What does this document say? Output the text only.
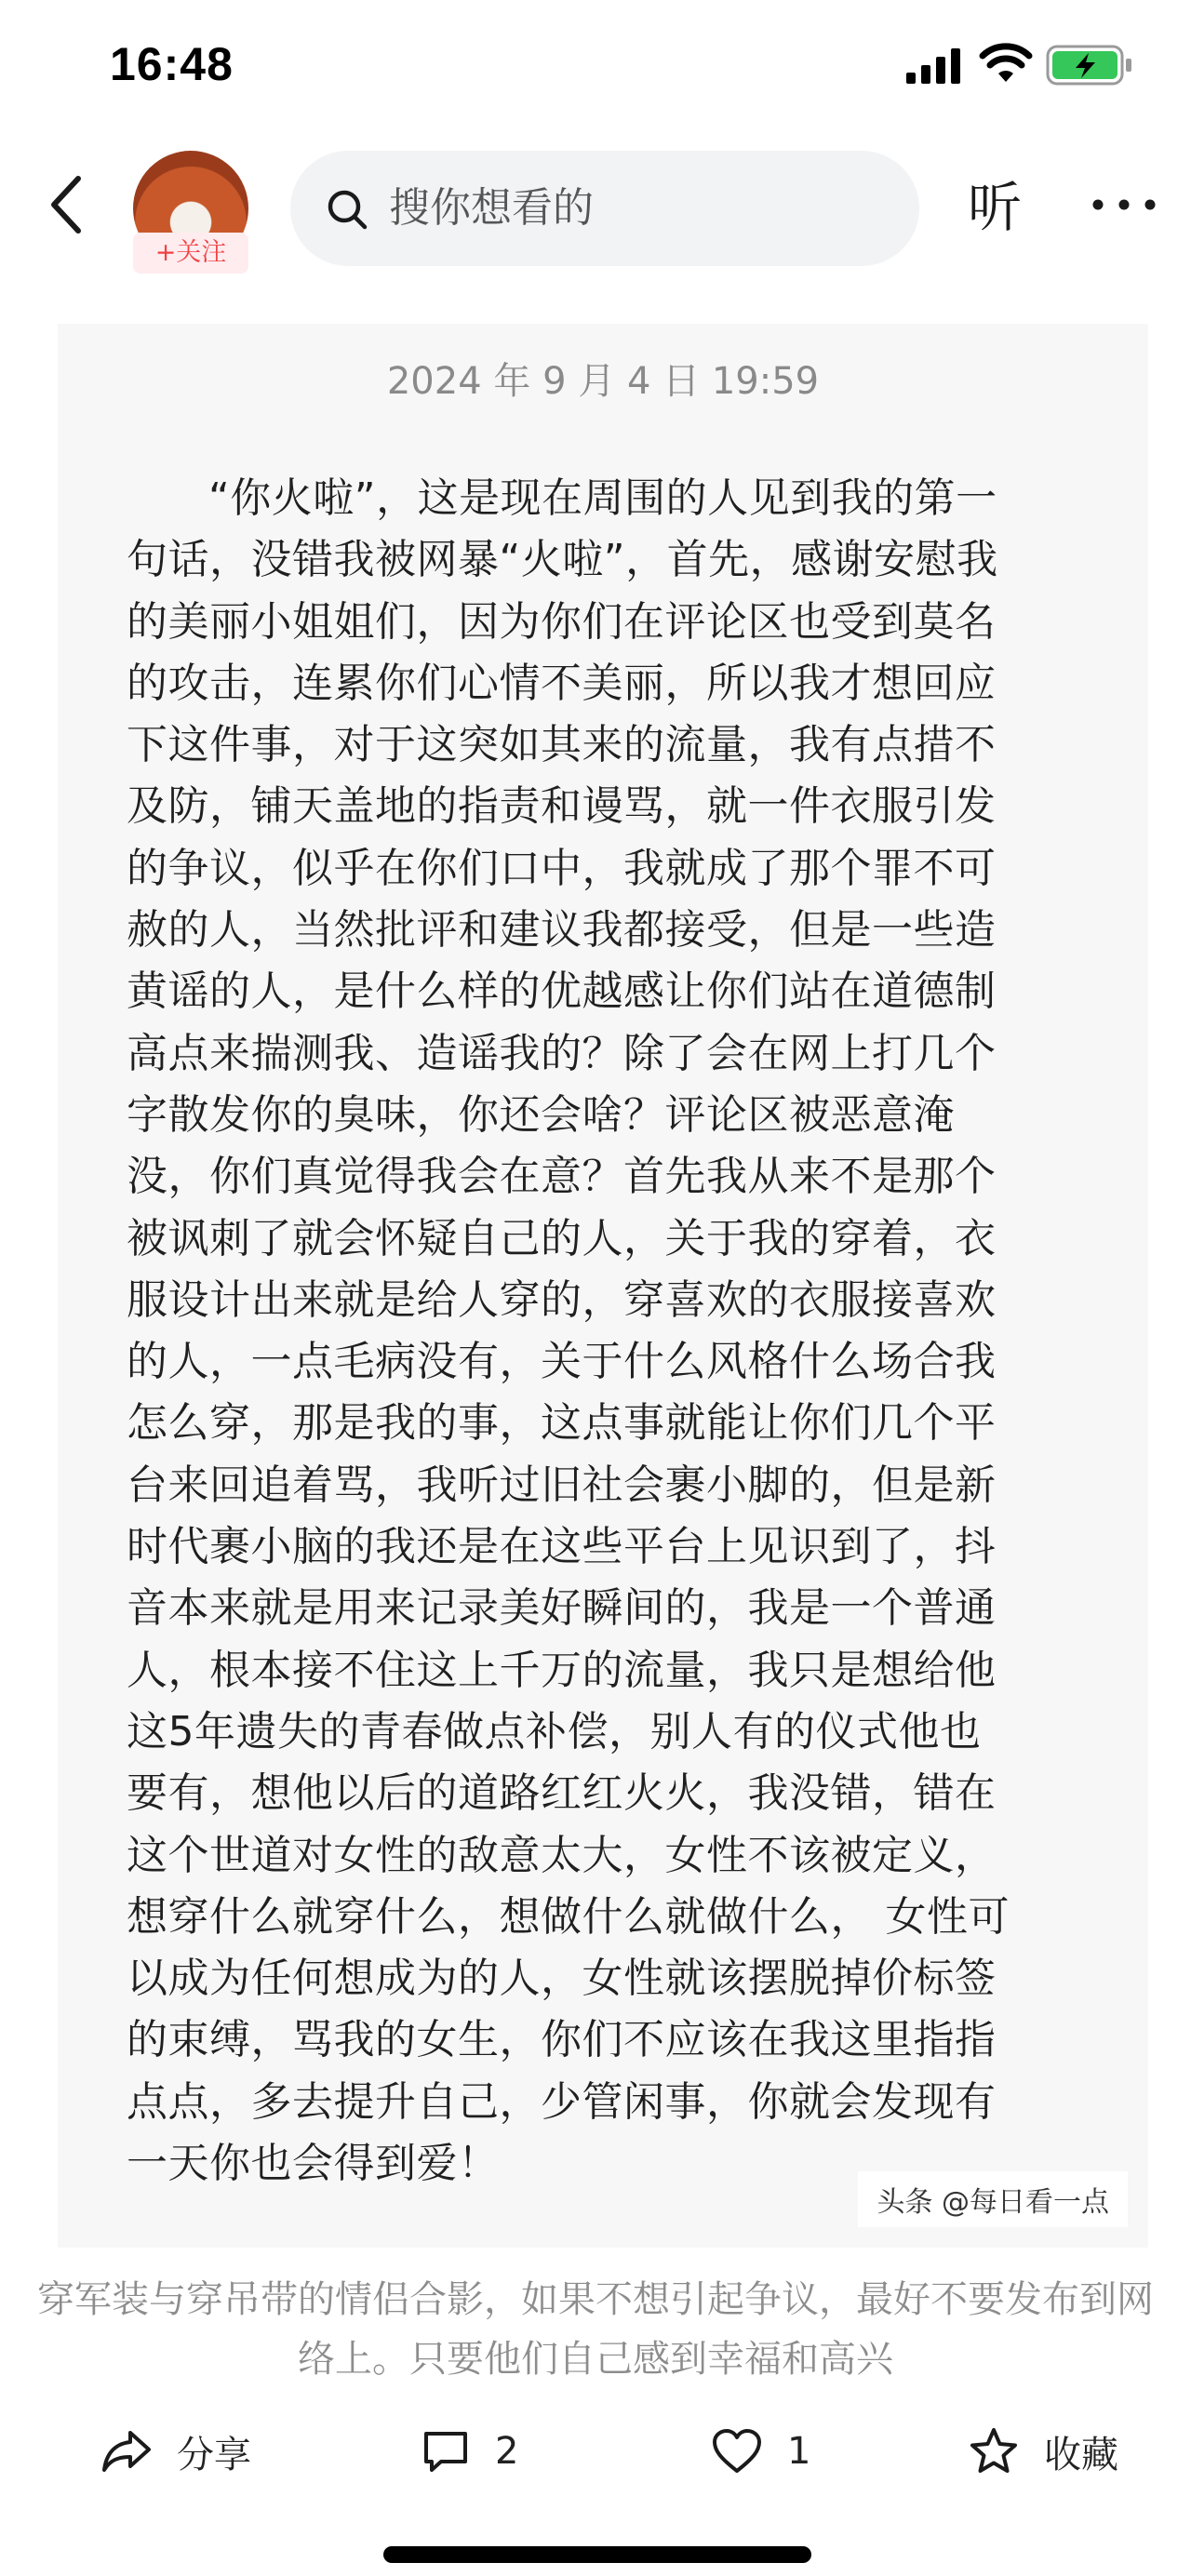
16:48
+关注
搜你想看的	听
2024 年 9 月 4 日 19:59

“你火啦”，这是现在周围的人见到我的第一
句话，没错我被网暴“火啦”，首先，感谢安慰我
的美丽小姐姐们，因为你们在评论区也受到莫名
的攻击，连累你们心情不美丽，所以我才想回应
下这件事，对于这突如其来的流量，我有点措不
及防，铺天盖地的指责和谩骂，就一件衣服引发
的争议，似乎在你们口中，我就成了那个罪不可
赦的人，当然批评和建议我都接受，但是一些造
黄谣的人，是什么样的优越感让你们站在道德制
高点来揣测我、造谣我的？除了会在网上打几个
字散发你的臭味，你还会啥？评论区被恶意淹
没，你们真觉得我会在意？首先我从来不是那个
被讽刺了就会怀疑自己的人，关于我的穿着，衣
服设计出来就是给人穿的，穿喜欢的衣服接喜欢
的人，一点毛病没有，关于什么风格什么场合我
怎么穿，那是我的事，这点事就能让你们几个平
台来回追着骂，我听过旧社会裹小脚的，但是新
时代裹小脑的我还是在这些平台上见识到了，抖
音本来就是用来记录美好瞬间的，我是一个普通
人，根本接不住这上千万的流量，我只是想给他
这5年遗失的青春做点补偿，别人有的仪式他也
要有，想他以后的道路红红火火，我没错，错在
这个世道对女性的敌意太大，女性不该被定义，
想穿什么就穿什么，想做什么就做什么， 女性可
以成为任何想成为的人，女性就该摆脱掉价标签
的束缚，骂我的女生，你们不应该在我这里指指
点点，多去提升自己，少管闲事，你就会发现有
一天你也会得到爱！

头条 @每日看一点

穿军装与穿吊带的情侣合影，如果不想引起争议，最好不要发布到网络上。只要他们自己感到幸福和高兴

分享	2	1	收藏
